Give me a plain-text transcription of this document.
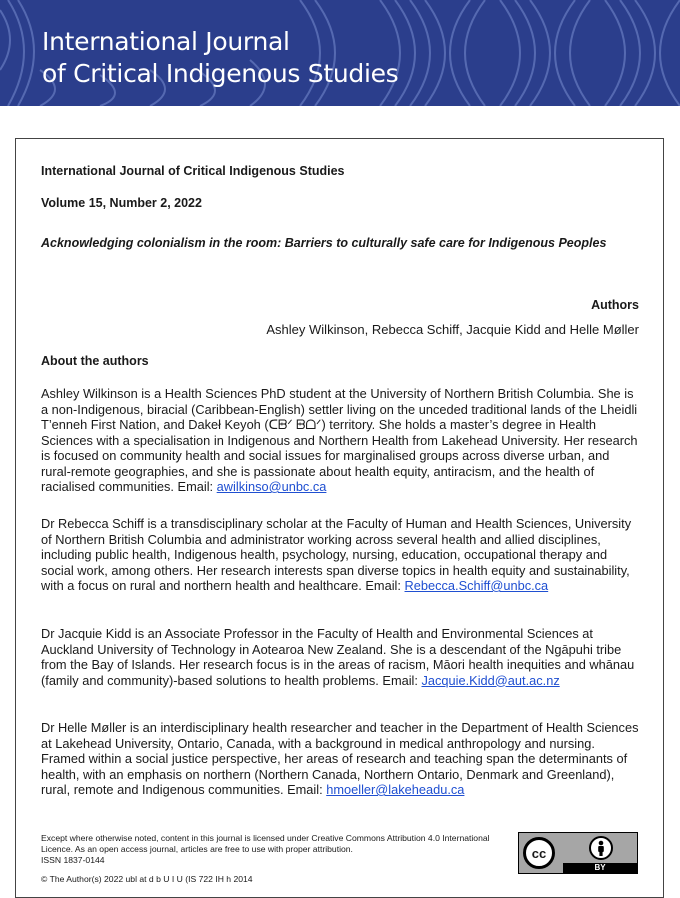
International Journal
of Critical Indigenous Studies
International Journal of Critical Indigenous Studies
Volume 15, Number 2, 2022
Acknowledging colonialism in the room: Barriers to culturally safe care for Indigenous Peoples
Authors
Ashley Wilkinson, Rebecca Schiff, Jacquie Kidd and Helle Møller
About the authors

Ashley Wilkinson is a Health Sciences PhD student at the University of Northern British Columbia. She is a non-Indigenous, biracial (Caribbean-English) settler living on the unceded traditional lands of the Lheidli T’enneh First Nation, and Dakeł Keyoh (ᑕᗸᐟ ᗸᗝᐟ) territory. She holds a master’s degree in Health Sciences with a specialisation in Indigenous and Northern Health from Lakehead University. Her research is focused on community health and social issues for marginalised groups across diverse urban, and rural-remote geographies, and she is passionate about health equity, antiracism, and the health of racialised communities. Email: awilkinso@unbc.ca

Dr Rebecca Schiff is a transdisciplinary scholar at the Faculty of Human and Health Sciences, University of Northern British Columbia and administrator working across several health and allied disciplines, including public health, Indigenous health, psychology, nursing, education, occupational therapy and social work, among others. Her research interests span diverse topics in health equity and sustainability, with a focus on rural and northern health and healthcare. Email: Rebecca.Schiff@unbc.ca

Dr Jacquie Kidd is an Associate Professor in the Faculty of Health and Environmental Sciences at Auckland University of Technology in Aotearoa New Zealand. She is a descendant of the Ngāpuhi tribe from the Bay of Islands. Her research focus is in the areas of racism, Māori health inequities and whānau (family and community)-based solutions to health problems. Email: Jacquie.Kidd@aut.ac.nz

Dr Helle Møller is an interdisciplinary health researcher and teacher in the Department of Health Sciences at Lakehead University, Ontario, Canada, with a background in medical anthropology and nursing. Framed within a social justice perspective, her areas of research and teaching span the determinants of health, with an emphasis on northern (Northern Canada, Northern Ontario, Denmark and Greenland), rural, remote and Indigenous communities. Email: hmoeller@lakeheadu.ca

Except where otherwise noted, content in this journal is licensed under Creative Commons Attribution 4.0 International Licence. As an open access journal, articles are free to use with proper attribution.
ISSN 1837-0144
© The Author(s) 2022 ubl at d b U I U (IS 722 IH h 2014
cc
BY
